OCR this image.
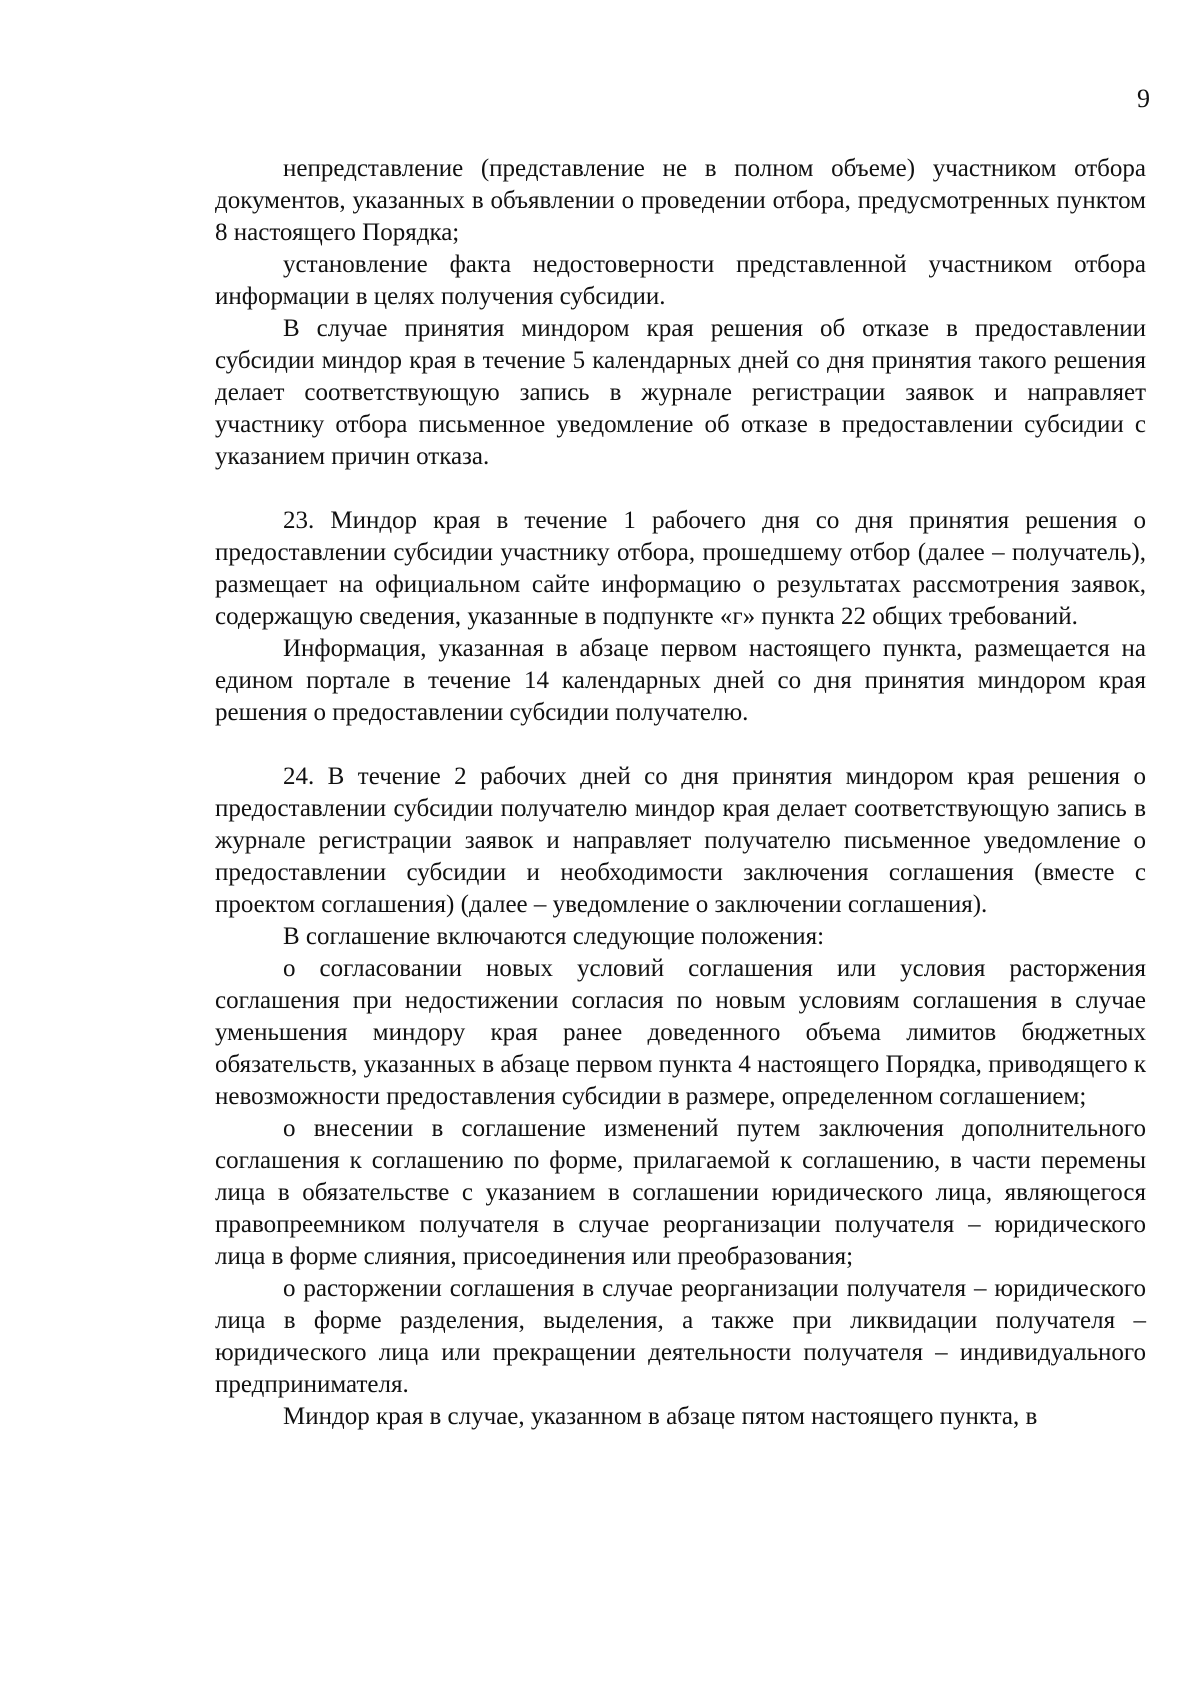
9

непредставление (представление не в полном объеме) участником отбора документов, указанных в объявлении о проведении отбора, предусмотренных пунктом 8 настоящего Порядка;

установление факта недостоверности представленной участником отбора информации в целях получения субсидии.

В случае принятия миндором края решения об отказе в предоставлении субсидии миндор края в течение 5 календарных дней со дня принятия такого решения делает соответствующую запись в журнале регистрации заявок и направляет участнику отбора письменное уведомление об отказе в предоставлении субсидии с указанием причин отказа.

23. Миндор края в течение 1 рабочего дня со дня принятия решения о предоставлении субсидии участнику отбора, прошедшему отбор (далее – получатель), размещает на официальном сайте информацию о результатах рассмотрения заявок, содержащую сведения, указанные в подпункте «г» пункта 22 общих требований.

Информация, указанная в абзаце первом настоящего пункта, размещается на едином портале в течение 14 календарных дней со дня принятия миндором края решения о предоставлении субсидии получателю.

24. В течение 2 рабочих дней со дня принятия миндором края решения о предоставлении субсидии получателю миндор края делает соответствующую запись в журнале регистрации заявок и направляет получателю письменное уведомление о предоставлении субсидии и необходимости заключения соглашения (вместе с проектом соглашения) (далее – уведомление о заключении соглашения).

В соглашение включаются следующие положения:

о согласовании новых условий соглашения или условия расторжения соглашения при недостижении согласия по новым условиям соглашения в случае уменьшения миндору края ранее доведенного объема лимитов бюджетных обязательств, указанных в абзаце первом пункта 4 настоящего Порядка, приводящего к невозможности предоставления субсидии в размере, определенном соглашением;

о внесении в соглашение изменений путем заключения дополнительного соглашения к соглашению по форме, прилагаемой к соглашению, в части перемены лица в обязательстве с указанием в соглашении юридического лица, являющегося правопреемником получателя в случае реорганизации получателя – юридического лица в форме слияния, присоединения или преобразования;

о расторжении соглашения в случае реорганизации получателя – юридического лица в форме разделения, выделения, а также при ликвидации получателя – юридического лица или прекращении деятельности получателя – индивидуального предпринимателя.

Миндор края в случае, указанном в абзаце пятом настоящего пункта, в
